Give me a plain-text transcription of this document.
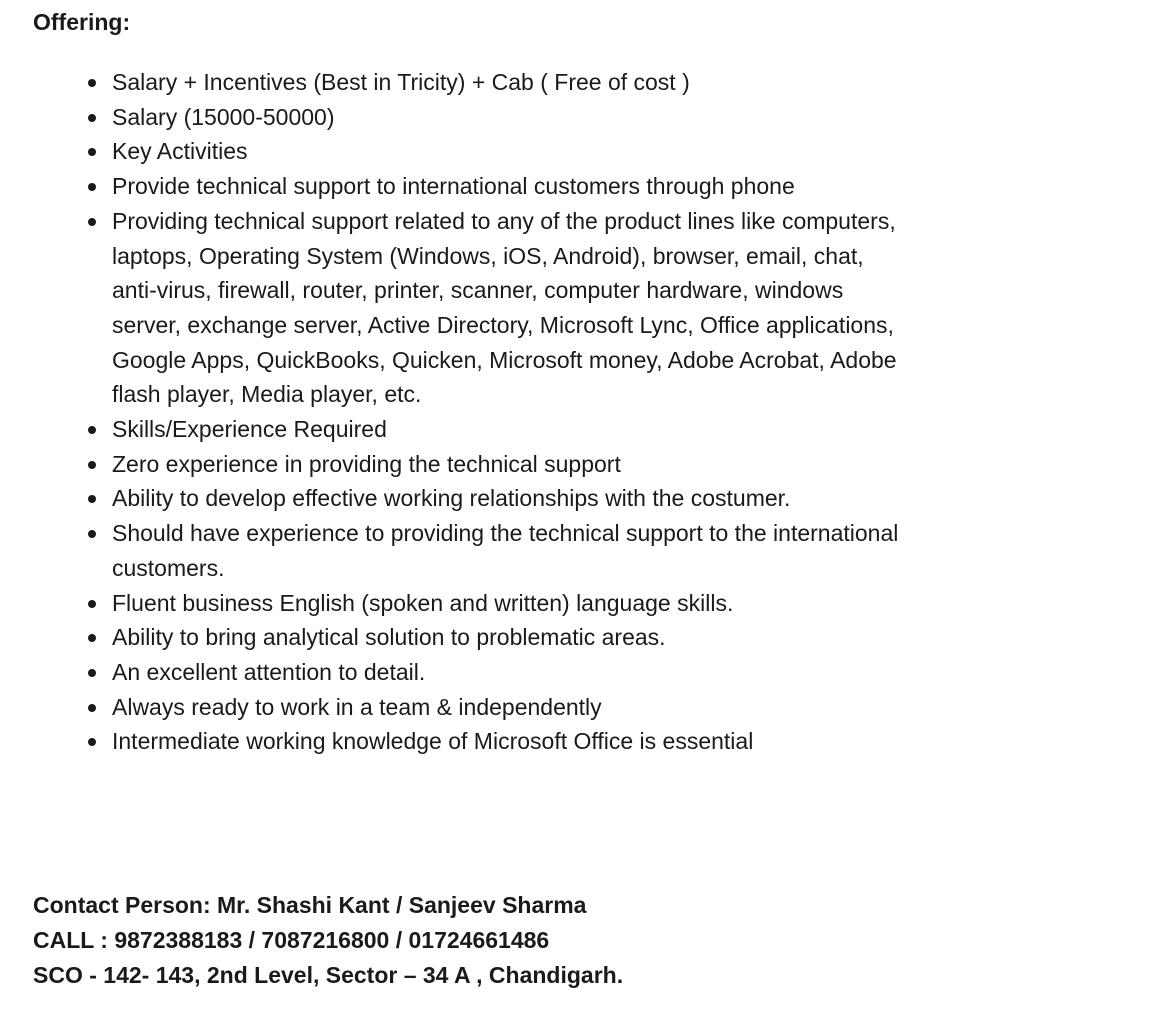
Offering:

Salary + Incentives (Best in Tricity) + Cab ( Free of cost )
Salary (15000-50000)
Key Activities
Provide technical support to international customers through phone
Providing technical support related to any of the product lines like computers, laptops, Operating System (Windows, iOS, Android), browser, email, chat, anti-virus, firewall, router, printer, scanner, computer hardware, windows server, exchange server, Active Directory, Microsoft Lync, Office applications, Google Apps, QuickBooks, Quicken, Microsoft money, Adobe Acrobat, Adobe flash player, Media player, etc.
Skills/Experience Required
Zero experience in providing the technical support
Ability to develop effective working relationships with the costumer.
Should have experience to providing the technical support to the international customers.
Fluent business English (spoken and written) language skills.
Ability to bring analytical solution to problematic areas.
An excellent attention to detail.
Always ready to work in a team & independently
Intermediate working knowledge of Microsoft Office is essential
Contact Person: Mr. Shashi Kant / Sanjeev Sharma
CALL : 9872388183 / 7087216800 / 01724661486
SCO - 142- 143, 2nd Level, Sector – 34 A , Chandigarh.
